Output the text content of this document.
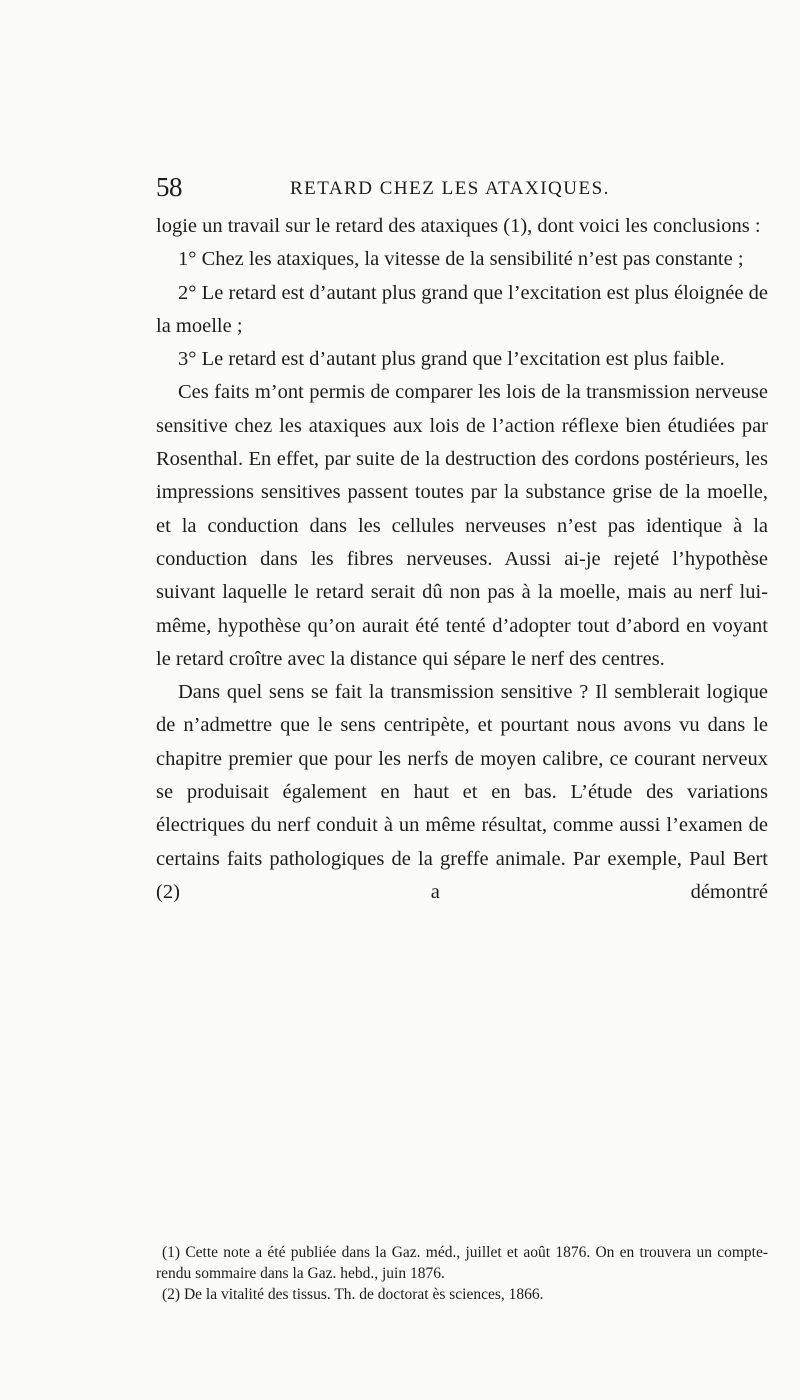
58	RETARD CHEZ LES ATAXIQUES.

logie un travail sur le retard des ataxiques (1), dont voici les conclusions :

1° Chez les ataxiques, la vitesse de la sensibilité n’est pas constante ;

2° Le retard est d’autant plus grand que l’excitation est plus éloignée de la moelle ;

3° Le retard est d’autant plus grand que l’excitation est plus faible.

Ces faits m’ont permis de comparer les lois de la transmission nerveuse sensitive chez les ataxiques aux lois de l’action réflexe bien étudiées par Rosenthal. En effet, par suite de la destruction des cordons postérieurs, les impressions sensitives passent toutes par la substance grise de la moelle, et la conduction dans les cellules nerveuses n’est pas identique à la conduction dans les fibres nerveuses. Aussi ai-je rejeté l’hypothèse suivant laquelle le retard serait dû non pas à la moelle, mais au nerf lui-même, hypothèse qu’on aurait été tenté d’adopter tout d’abord en voyant le retard croître avec la distance qui sépare le nerf des centres.

Dans quel sens se fait la transmission sensitive ? Il semblerait logique de n’admettre que le sens centripète, et pourtant nous avons vu dans le chapitre premier que pour les nerfs de moyen calibre, ce courant nerveux se produisait également en haut et en bas. L’étude des variations électriques du nerf conduit à un même résultat, comme aussi l’examen de certains faits pathologiques de la greffe animale. Par exemple, Paul Bert (2) a démontré

(1) Cette note a été publiée dans la Gaz. méd., juillet et août 1876. On en trouvera un compte-rendu sommaire dans la Gaz. hebd., juin 1876.

(2) De la vitalité des tissus. Th. de doctorat ès sciences, 1866.
